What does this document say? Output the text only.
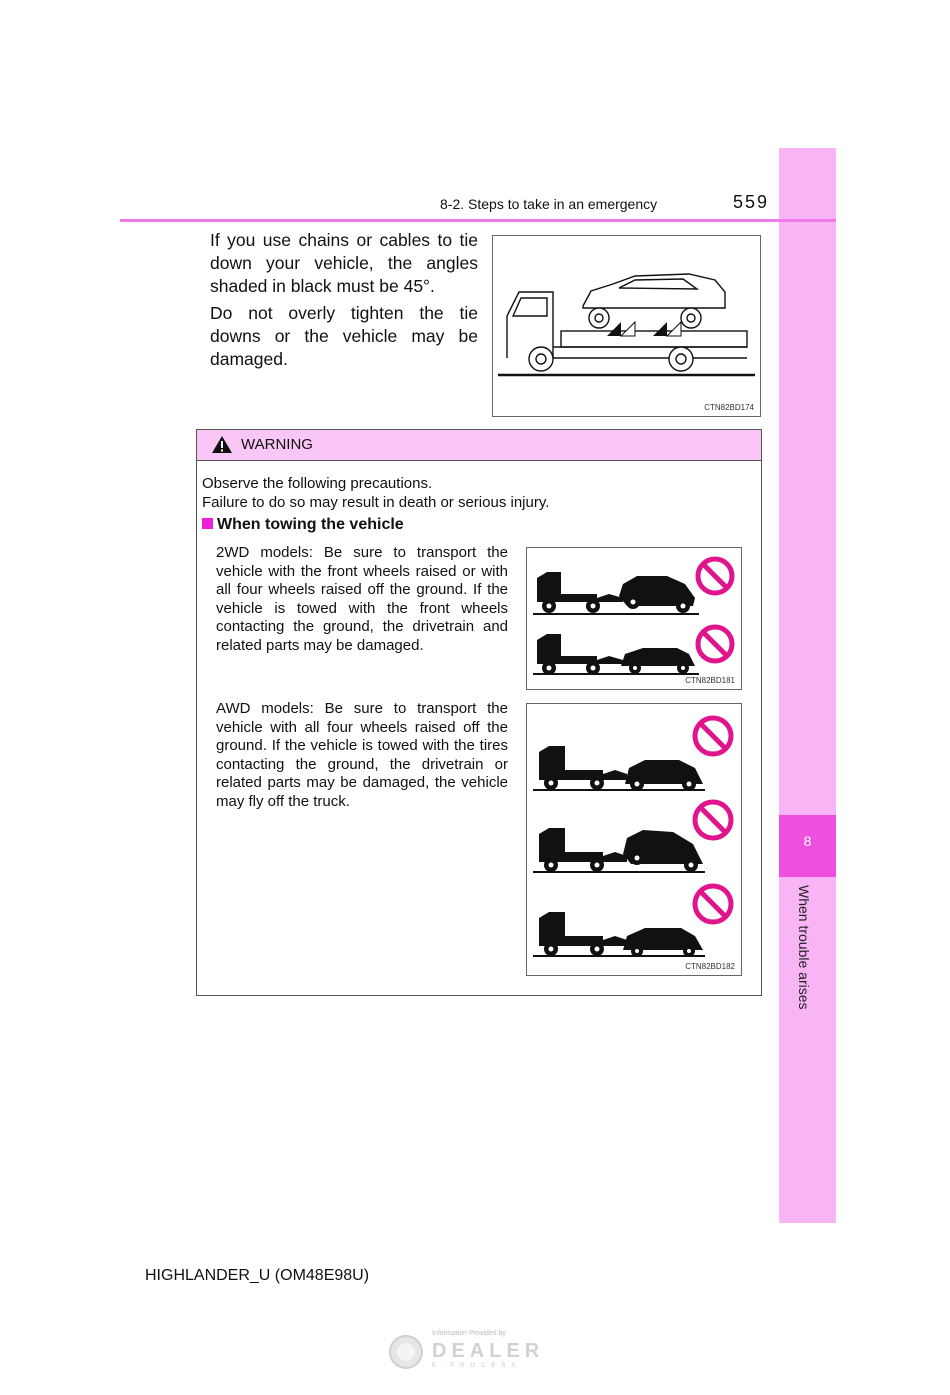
8
When trouble arises
8-2. Steps to take in an emergency	559
If you use chains or cables to tie down your vehicle, the angles shaded in black must be 45°.
Do not overly tighten the tie downs or the vehicle may be damaged.
CTN82BD174
WARNING
Observe the following precautions.
Failure to do so may result in death or serious injury.
When towing the vehicle
2WD models: Be sure to transport the vehicle with the front wheels raised or with all four wheels raised off the ground. If the vehicle is towed with the front wheels contacting the ground, the drivetrain and related parts may be damaged.
AWD models: Be sure to transport the vehicle with all four wheels raised off the ground. If the vehicle is towed with the tires contacting the ground, the drivetrain or related parts may be damaged, the vehicle may fly off the truck.
CTN82BD181
CTN82BD182
HIGHLANDER_U (OM48E98U)
Information Provided by
DEALER
E-PROCESS
